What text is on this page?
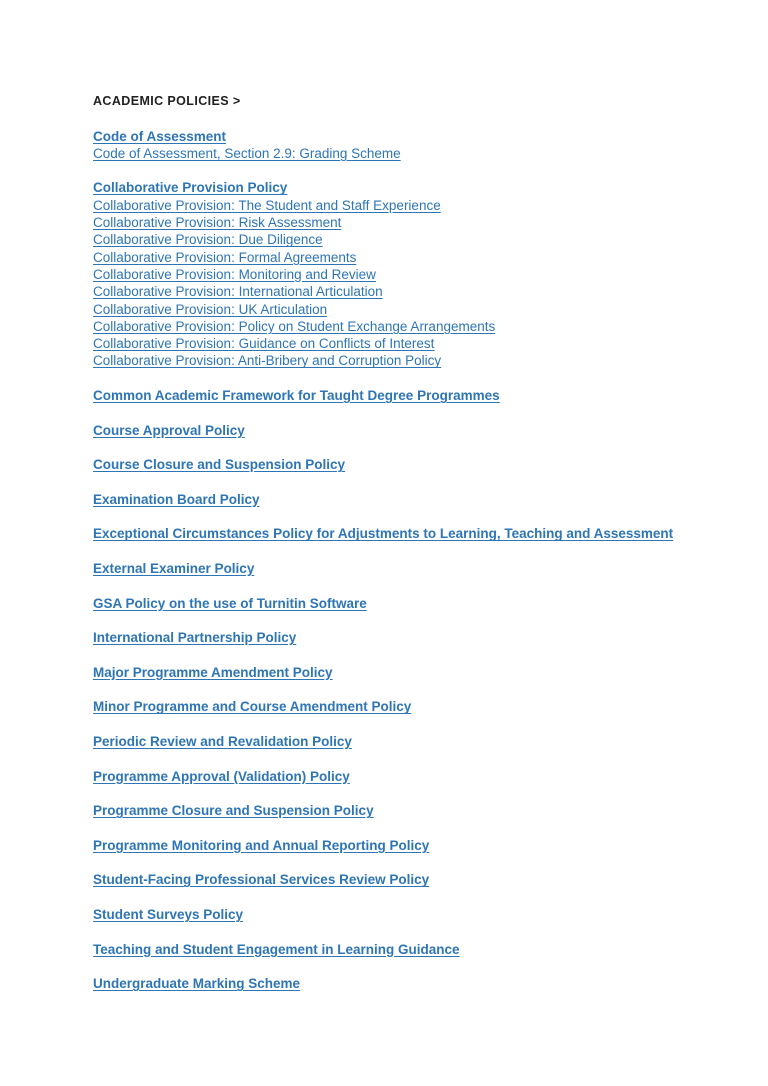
ACADEMIC POLICIES >
Code of Assessment
Code of Assessment, Section 2.9: Grading Scheme
Collaborative Provision Policy
Collaborative Provision: The Student and Staff Experience
Collaborative Provision: Risk Assessment
Collaborative Provision: Due Diligence
Collaborative Provision: Formal Agreements
Collaborative Provision: Monitoring and Review
Collaborative Provision: International Articulation
Collaborative Provision: UK Articulation
Collaborative Provision: Policy on Student Exchange Arrangements
Collaborative Provision: Guidance on Conflicts of Interest
Collaborative Provision: Anti-Bribery and Corruption Policy
Common Academic Framework for Taught Degree Programmes
Course Approval Policy
Course Closure and Suspension Policy
Examination Board Policy
Exceptional Circumstances Policy for Adjustments to Learning, Teaching and Assessment
External Examiner Policy
GSA Policy on the use of Turnitin Software
International Partnership Policy
Major Programme Amendment Policy
Minor Programme and Course Amendment Policy
Periodic Review and Revalidation Policy
Programme Approval (Validation) Policy
Programme Closure and Suspension Policy
Programme Monitoring and Annual Reporting Policy
Student-Facing Professional Services Review Policy
Student Surveys Policy
Teaching and Student Engagement in Learning Guidance
Undergraduate Marking Scheme
